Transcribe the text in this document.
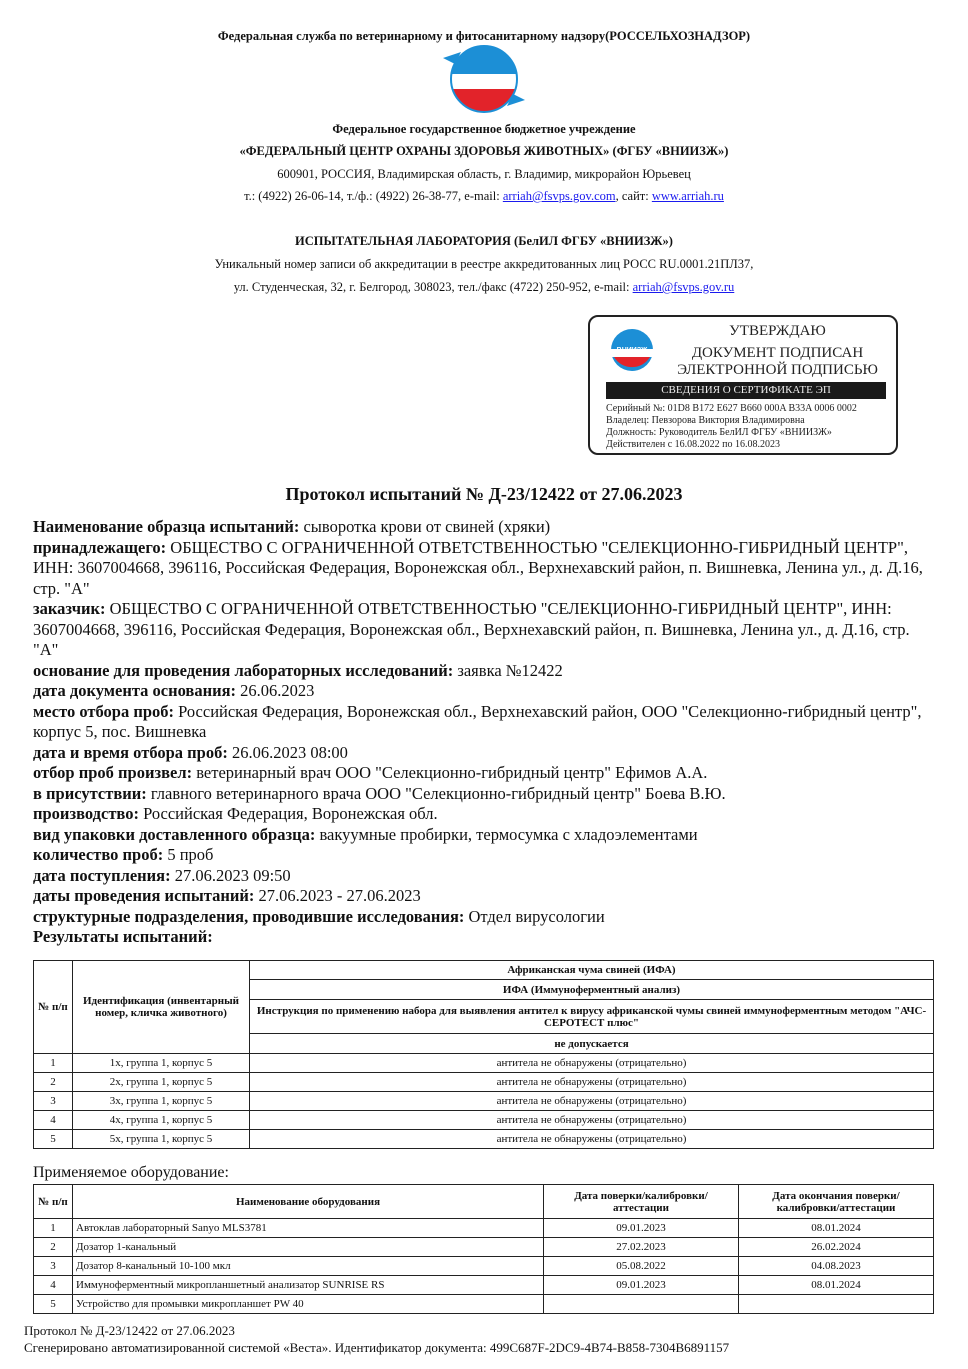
Федеральная служба по ветеринарному и фитосанитарному надзору(РОССЕЛЬХОЗНАДЗОР)
ВНИИЗЖ
Федеральное государственное бюджетное учреждение
«ФЕДЕРАЛЬНЫЙ ЦЕНТР ОХРАНЫ ЗДОРОВЬЯ ЖИВОТНЫХ» (ФГБУ «ВНИИЗЖ»)
600901, РОССИЯ, Владимирская область, г. Владимир, микрорайон Юрьевец
т.: (4922) 26-06-14, т./ф.: (4922) 26-38-77, e-mail: arriah@fsvps.gov.com, сайт: www.arriah.ru
ИСПЫТАТЕЛЬНАЯ ЛАБОРАТОРИЯ (БелИЛ ФГБУ «ВНИИЗЖ»)
Уникальный номер записи об аккредитации в реестре аккредитованных лиц РОСС RU.0001.21ПЛ37,
ул. Студенческая, 32, г. Белгород, 308023, тел./факс (4722) 250-952, e-mail: arriah@fsvps.gov.ru
ВНИИЗЖ
УТВЕРЖДАЮ
ДОКУМЕНТ ПОДПИСАН
ЭЛЕКТРОННОЙ ПОДПИСЬЮ
СВЕДЕНИЯ О СЕРТИФИКАТЕ ЭП
Серийный №: 01D8 B172 E627 B660 000A B33A 0006 0002
Владелец: Певзорова Виктория Владимировна
Должность: Руководитель БелИЛ ФГБУ «ВНИИЗЖ»
Действителен с 16.08.2022 по 16.08.2023
Протокол испытаний № Д-23/12422 от 27.06.2023
Наименование образца испытаний: сыворотка крови от свиней (хряки)
принадлежащего: ОБЩЕСТВО С ОГРАНИЧЕННОЙ ОТВЕТСТВЕННОСТЬЮ "СЕЛЕКЦИОННО-ГИБРИДНЫЙ ЦЕНТР", ИНН: 3607004668, 396116, Российская Федерация, Воронежская обл., Верхнехавский район, п. Вишневка, Ленина ул., д. Д.16, стр. "А"
заказчик: ОБЩЕСТВО С ОГРАНИЧЕННОЙ ОТВЕТСТВЕННОСТЬЮ "СЕЛЕКЦИОННО-ГИБРИДНЫЙ ЦЕНТР", ИНН: 3607004668, 396116, Российская Федерация, Воронежская обл., Верхнехавский район, п. Вишневка, Ленина ул., д. Д.16, стр. "А"
основание для проведения лабораторных исследований: заявка №12422
дата документа основания: 26.06.2023
место отбора проб: Российская Федерация, Воронежская обл., Верхнехавский район, ООО "Селекционно-гибридный центр", корпус 5, пос. Вишневка
дата и время отбора проб: 26.06.2023 08:00
отбор проб произвел: ветеринарный врач ООО "Селекционно-гибридный центр" Ефимов А.А.
в присутствии: главного ветеринарного врача ООО "Селекционно-гибридный центр" Боева В.Ю.
производство: Российская Федерация, Воронежская обл.
вид упаковки доставленного образца: вакуумные пробирки, термосумка с хладоэлементами
количество проб: 5 проб
дата поступления: 27.06.2023 09:50
даты проведения испытаний: 27.06.2023 - 27.06.2023
структурные подразделения, проводившие исследования: Отдел вирусологии
Результаты испытаний:
№ п/п	Идентификация (инвентарный номер, кличка животного)	Африканская чума свиней (ИФА)
		ИФА (Иммуноферментный анализ)
		Инструкция по применению набора для выявления антител к вирусу африканской чумы свиней иммуноферментным методом "АЧС-СЕРОТЕСТ плюс"
		не допускается

1	1х, группа 1, корпус 5	антитела не обнаружены (отрицательно)
2	2х, группа 1, корпус 5	антитела не обнаружены (отрицательно)
3	3х, группа 1, корпус 5	антитела не обнаружены (отрицательно)
4	4х, группа 1, корпус 5	антитела не обнаружены (отрицательно)
5	5х, группа 1, корпус 5	антитела не обнаружены (отрицательно)
Применяемое оборудование:
№ п/п	Наименование оборудования	Дата поверки/калибровки/аттестации	Дата окончания поверки/калибровки/аттестации
1	Автоклав лабораторный Sanyo MLS3781	09.01.2023	08.01.2024
2	Дозатор 1-канальный	27.02.2023	26.02.2024
3	Дозатор 8-канальный 10-100 мкл	05.08.2022	04.08.2023
4	Иммуноферментный микропланшетный анализатор SUNRISE RS	09.01.2023	08.01.2024
5	Устройство для промывки микропланшет PW 40		
Протокол № Д-23/12422 от 27.06.2023
Сгенерировано автоматизированной системой «Веста». Идентификатор документа: 499C687F-2DC9-4B74-B858-7304B6891157
